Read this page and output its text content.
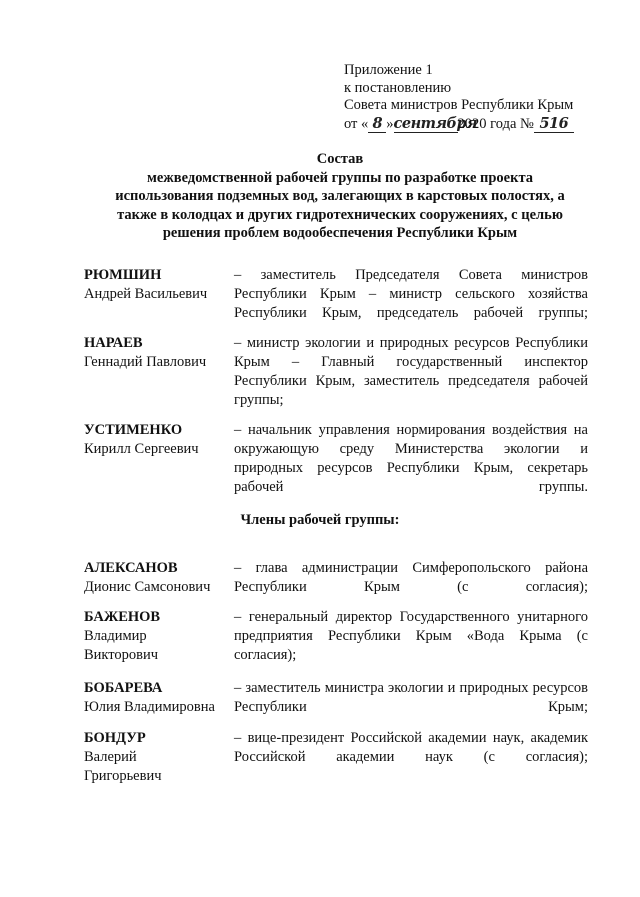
Приложение 1
к постановлению
Совета министров Республики Крым
от « 8 »сентября2020 года № 516
Состав
межведомственной рабочей группы по разработке проекта
использования подземных вод, залегающих в карстовых полостях, а
также в колодцах и других гидротехнических сооружениях, с целью
решения проблем водообеспечения Республики Крым
РЮМШИН
Андрей Васильевич
– заместитель Председателя Совета министров Республики Крым – министр сельского хозяйства Республики Крым, председатель рабочей группы;
НАРАЕВ
Геннадий Павлович
– министр экологии и природных ресурсов Республики Крым – Главный государственный инспектор Республики Крым, заместитель председателя рабочей группы;
УСТИМЕНКО
Кирилл Сергеевич
– начальник управления нормирования воздействия на окружающую среду Министерства экологии и природных ресурсов Республики Крым, секретарь рабочей группы.
Члены рабочей группы:
АЛЕКСАНОВ
Дионис Самсонович
– глава администрации Симферопольского района Республики Крым (с согласия);
БАЖЕНОВ
Владимир
Викторович
– генеральный директор Государственного унитарного предприятия Республики Крым «Вода Крыма (с согласия);
БОБАРЕВА
Юлия Владимировна
– заместитель министра экологии и природных ресурсов Республики Крым;
БОНДУР
Валерий
Григорьевич
– вице-президент Российской академии наук, академик Российской академии наук (с согласия);
